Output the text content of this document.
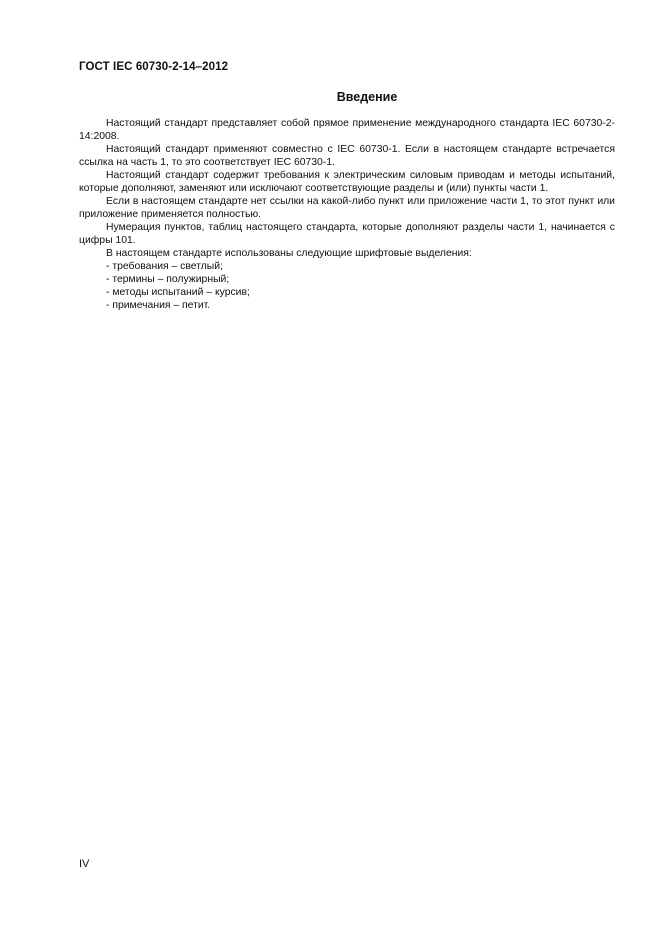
ГОСТ IEC 60730-2-14–2012
Введение

Настоящий стандарт представляет собой прямое применение международного стандарта IEC 60730-2-14:2008.

Настоящий стандарт применяют совместно с IEC 60730-1. Если в настоящем стандарте встречается ссылка на часть 1, то это соответствует IEC 60730-1.

Настоящий стандарт содержит требования к электрическим силовым приводам и методы испытаний, которые дополняют, заменяют или исключают соответствующие разделы и (или) пункты части 1.

Если в настоящем стандарте нет ссылки на какой-либо пункт или приложение части 1, то этот пункт или приложение применяется полностью.

Нумерация пунктов, таблиц настоящего стандарта, которые дополняют разделы части 1, начинается с цифры 101.

В настоящем стандарте использованы следующие шрифтовые выделения:

- требования – светлый;
- термины – полужирный;
- методы испытаний – курсив;
- примечания – петит.
IV
